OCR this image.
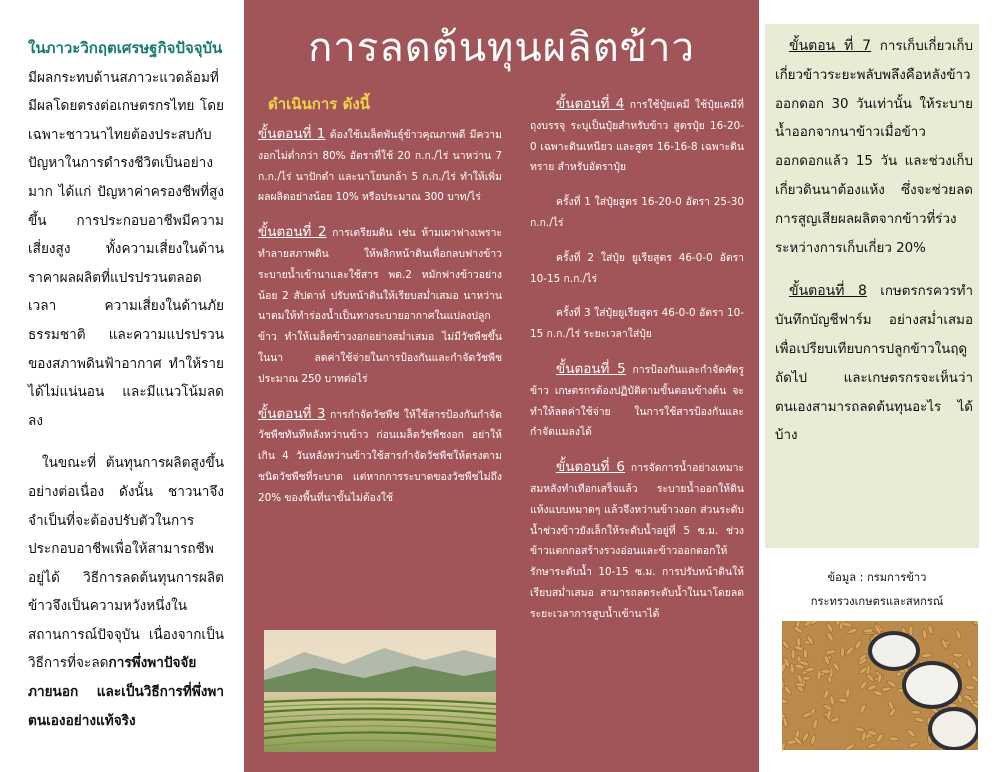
ในภาวะวิกฤตเศรษฐกิจปัจจุบัน มีผลกระทบด้านสภาวะแวดล้อมที่มีผลโดยตรงต่อเกษตรกรไทย โดยเฉพาะชาวนาไทยต้องประสบกับปัญหาในการดำรงชีวิตเป็นอย่างมาก ได้แก่ ปัญหาค่าครองชีพที่สูงขึ้น การประกอบอาชีพมีความเสี่ยงสูง ทั้งความเสี่ยงในด้านราคาผลผลิตที่แปรปรวนตลอดเวลา ความเสี่ยงในด้านภัยธรรมชาติ และความแปรปรวนของสภาพดินฟ้าอากาศ ทำให้รายได้ไม่แน่นอน และมีแนวโน้มลดลง

ในขณะที่ ต้นทุนการผลิตสูงขึ้นอย่างต่อเนื่อง ดังนั้น ชาวนาจึงจำเป็นที่จะต้องปรับตัวในการประกอบอาชีพเพื่อให้สามารถชีพอยู่ได้ วิธีการลดต้นทุนการผลิตข้าวจึงเป็นความหวังหนึ่งในสถานการณ์ปัจจุบัน เนื่องจากเป็นวิธีการที่จะลดการพึ่งพาปัจจัยภายนอก และเป็นวิธีการที่พึ่งพาตนเองอย่างแท้จริง

การลดต้นทุนผลิตข้าว
ดำเนินการ ดังนี้

ขั้นตอนที่ 1 ต้องใช้เมล็ดพันธุ์ข้าวคุณภาพดี มีความงอกไม่ต่ำกว่า 80% อัตราที่ใช้ 20 ก.ก./ไร่ นาหว่าน 7 ก.ก./ไร่ นาปักดำ และนาโยนกล้า 5 ก.ก./ไร่ ทำให้เพิ่มผลผลิตอย่างน้อย 10% หรือประมาณ 300 บาท/ไร่

ขั้นตอนที่ 2 การเตรียมดิน เช่น ห้ามเผาฟางเพราะทำลายสภาพดิน ให้พลิกหน้าดินเพื่อกลบฟางข้าว ระบายน้ำเข้านาและใช้สาร พด.2 หมักฟางข้าวอย่างน้อย 2 สัปดาห์ ปรับหน้าดินให้เรียบสม่ำเสมอ นาหว่าน นาตมให้ทำร่องน้ำเป็นทางระบายอากาศในแปลงปลูกข้าว ทำให้เมล็ดข้าวงอกอย่างสม่ำเสมอ ไม่มีวัชพืชขึ้นในนา ลดค่าใช้จ่ายในการป้องกันและกำจัดวัชพืช ประมาณ 250 บาทต่อไร่

ขั้นตอนที่ 3 การกำจัดวัชพืช ให้ใช้สารป้องกันกำจัดวัชพืชทันทีหลังหว่านข้าว ก่อนเมล็ดวัชพืชงอก อย่าให้เกิน 4 วันหลังหว่านข้าวใช้สารกำจัดวัชพืชให้ตรงตามชนิดวัชพืชที่ระบาด แต่หากการระบาดของวัชพืชไม่ถึง 20% ของพื้นที่นาขั้นไม่ต้องใช้

ขั้นตอนที่ 4 การใช้ปุ๋ยเคมี ใช้ปุ๋ยเคมีที่ถุงบรรจุ ระบุเป็นปุ๋ยสำหรับข้าว สูตรปุ๋ย 16-20-0 เฉพาะดินเหนียว และสูตร 16-16-8 เฉพาะดินทราย สำหรับอัตราปุ๋ย

ครั้งที่ 1 ใส่ปุ๋ยสูตร 16-20-0 อัตรา 25-30 ก.ก./ไร่

ครั้งที่ 2 ใส่ปุ๋ย ยูเรียสูตร 46-0-0 อัตรา 10-15 ก.ก./ไร่

ครั้งที่ 3 ใส่ปุ๋ยยูเรียสูตร 46-0-0 อัตรา 10-15 ก.ก./ไร่ ระยะเวลาใส่ปุ๋ย

ขั้นตอนที่ 5 การป้องกันและกำจัดศัตรูข้าว เกษตรกรต้องปฏิบัติตามขั้นตอนข้างต้น จะทำให้ลดค่าใช้จ่าย ในการใช้สารป้องกันและกำจัดแมลงได้

ขั้นตอนที่ 6 การจัดการน้ำอย่างเหมาะสมหลังทำเทือกเสร็จแล้ว ระบายน้ำออกให้ดินแห้งแบบหมาดๆ แล้วจึงหว่านข้าวงอก ส่วนระดับน้ำช่วงข้าวยังเล็กให้ระดับน้ำอยู่ที่ 5 ซ.ม. ช่วงข้าวแตกกอสร้างรวงอ่อนและข้าวออกดอกให้รักษาระดับน้ำ 10-15 ซ.ม. การปรับหน้าดินให้เรียบสม่ำเสมอ สามารถลดระดับน้ำในนาโดยลดระยะเวลาการสูบน้ำเข้านาได้

ขั้นตอน ที่ 7 การเก็บเกี่ยวเก็บเกี่ยวข้าวระยะพลับพลึงคือหลังข้าวออกดอก 30 วันเท่านั้น ให้ระบายน้ำออกจากนาข้าวเมื่อข้าวออกดอกแล้ว 15 วัน และช่วงเก็บเกี่ยวดินนาต้องแห้ง ซึ่งจะช่วยลดการสูญเสียผลผลิตจากข้าวที่ร่วงระหว่างการเก็บเกี่ยว 20%

ขั้นตอนที่ 8 เกษตรกรควรทำบันทึกบัญชีฟาร์ม อย่างสม่ำเสมอเพื่อเปรียบเทียบการปลูกข้าวในฤดูถัดไป และเกษตรกรจะเห็นว่าตนเองสามารถลดต้นทุนอะไร ได้บ้าง

ข้อมูล : กรมการข้าว
กระทรวงเกษตรและสหกรณ์
